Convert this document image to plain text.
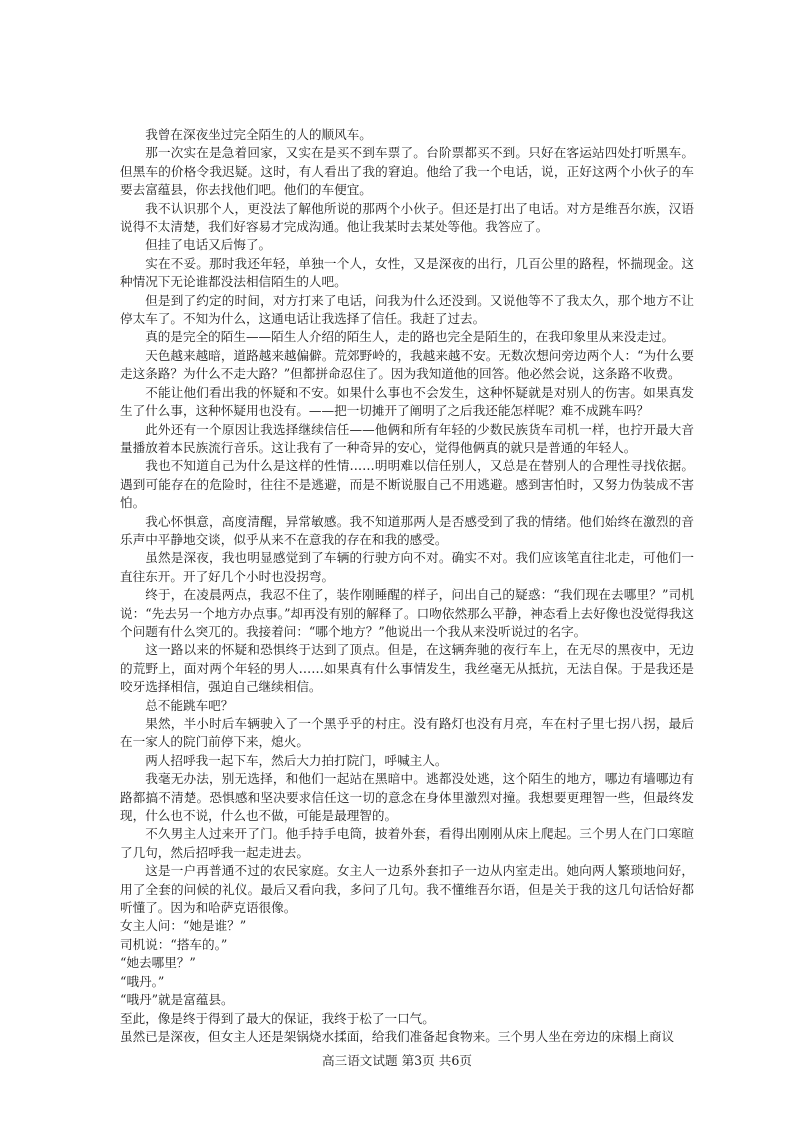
我曾在深夜坐过完全陌生的人的顺风车。

那一次实在是急着回家，又实在是买不到车票了。台阶票都买不到。只好在客运站四处打听黑车。但黑车的价格令我迟疑。这时，有人看出了我的窘迫。他给了我一个电话，说，正好这两个小伙子的车要去富蕴县，你去找他们吧。他们的车便宜。

我不认识那个人，更没法了解他所说的那两个小伙子。但还是打出了电话。对方是维吾尔族，汉语说得不太清楚，我们好容易才完成沟通。他让我某时去某处等他。我答应了。

但挂了电话又后悔了。

实在不妥。那时我还年轻，单独一个人，女性，又是深夜的出行，几百公里的路程，怀揣现金。这种情况下无论谁都没法相信陌生的人吧。

但是到了约定的时间，对方打来了电话，问我为什么还没到。又说他等不了我太久，那个地方不让停太车了。不知为什么，这通电话让我选择了信任。我赶了过去。

真的是完全的陌生——陌生人介绍的陌生人，走的路也完全是陌生的，在我印象里从来没走过。

天色越来越暗，道路越来越偏僻。荒郊野岭的，我越来越不安。无数次想问旁边两个人：“为什么要走这条路？为什么不走大路？”但都拼命忍住了。因为我知道他的回答。他必然会说，这条路不收费。

不能让他们看出我的怀疑和不安。如果什么事也不会发生，这种怀疑就是对别人的伤害。如果真发生了什么事，这种怀疑用也没有。——把一切摊开了阐明了之后我还能怎样呢？难不成跳车吗？

此外还有一个原因让我选择继续信任——他俩和所有年轻的少数民族货车司机一样，也拧开最大音量播放着本民族流行音乐。这让我有了一种奇异的安心，觉得他俩真的就只是普通的年轻人。

我也不知道自己为什么是这样的性情……明明难以信任别人，又总是在替别人的合理性寻找依据。遇到可能存在的危险时，往往不是逃避，而是不断说服自己不用逃避。感到害怕时，又努力伪装成不害怕。

我心怀惧意，高度清醒，异常敏感。我不知道那两人是否感受到了我的情绪。他们始终在激烈的音乐声中平静地交谈，似乎从来不在意我的存在和我的感受。

虽然是深夜，我也明显感觉到了车辆的行驶方向不对。确实不对。我们应该笔直往北走，可他们一直往东开。开了好几个小时也没拐弯。

终于，在凌晨两点，我忍不住了，装作刚睡醒的样子，问出自己的疑惑：“我们现在去哪里？”司机说：“先去另一个地方办点事。”却再没有别的解释了。口吻依然那么平静，神态看上去好像也没觉得我这个问题有什么突兀的。我接着问：“哪个地方？”他说出一个我从来没听说过的名字。

这一路以来的怀疑和恐惧终于达到了顶点。但是，在这辆奔驰的夜行车上，在无尽的黑夜中，无边的荒野上，面对两个年轻的男人……如果真有什么事情发生，我丝毫无从抵抗，无法自保。于是我还是咬牙选择相信，强迫自己继续相信。

总不能跳车吧？

果然，半小时后车辆驶入了一个黑乎乎的村庄。没有路灯也没有月亮，车在村子里七拐八拐，最后在一家人的院门前停下来，熄火。

两人招呼我一起下车，然后大力拍打院门，呼喊主人。

我毫无办法，别无选择，和他们一起站在黑暗中。逃都没处逃，这个陌生的地方，哪边有墙哪边有路都搞不清楚。恐惧感和坚决要求信任这一切的意念在身体里激烈对撞。我想要更理智一些，但最终发现，什么也不说，什么也不做，可能是最理智的。

不久男主人过来开了门。他手持手电筒，披着外套，看得出刚刚从床上爬起。三个男人在门口寒暄了几句，然后招呼我一起走进去。

这是一户再普通不过的农民家庭。女主人一边系外套扣子一边从内室走出。她向两人繁琐地问好，用了全套的问候的礼仪。最后又看向我，多问了几句。我不懂维吾尔语，但是关于我的这几句话恰好都听懂了。因为和哈萨克语很像。

女主人问：“她是谁？”

司机说：“搭车的。”

“她去哪里？”

“哦丹。”

“哦丹”就是富蕴县。

至此，像是终于得到了最大的保证，我终于松了一口气。

虽然已是深夜，但女主人还是架锅烧水揉面，给我们准备起食物来。三个男人坐在旁边的床榻上商议

高三语文试题 第3页 共6页
